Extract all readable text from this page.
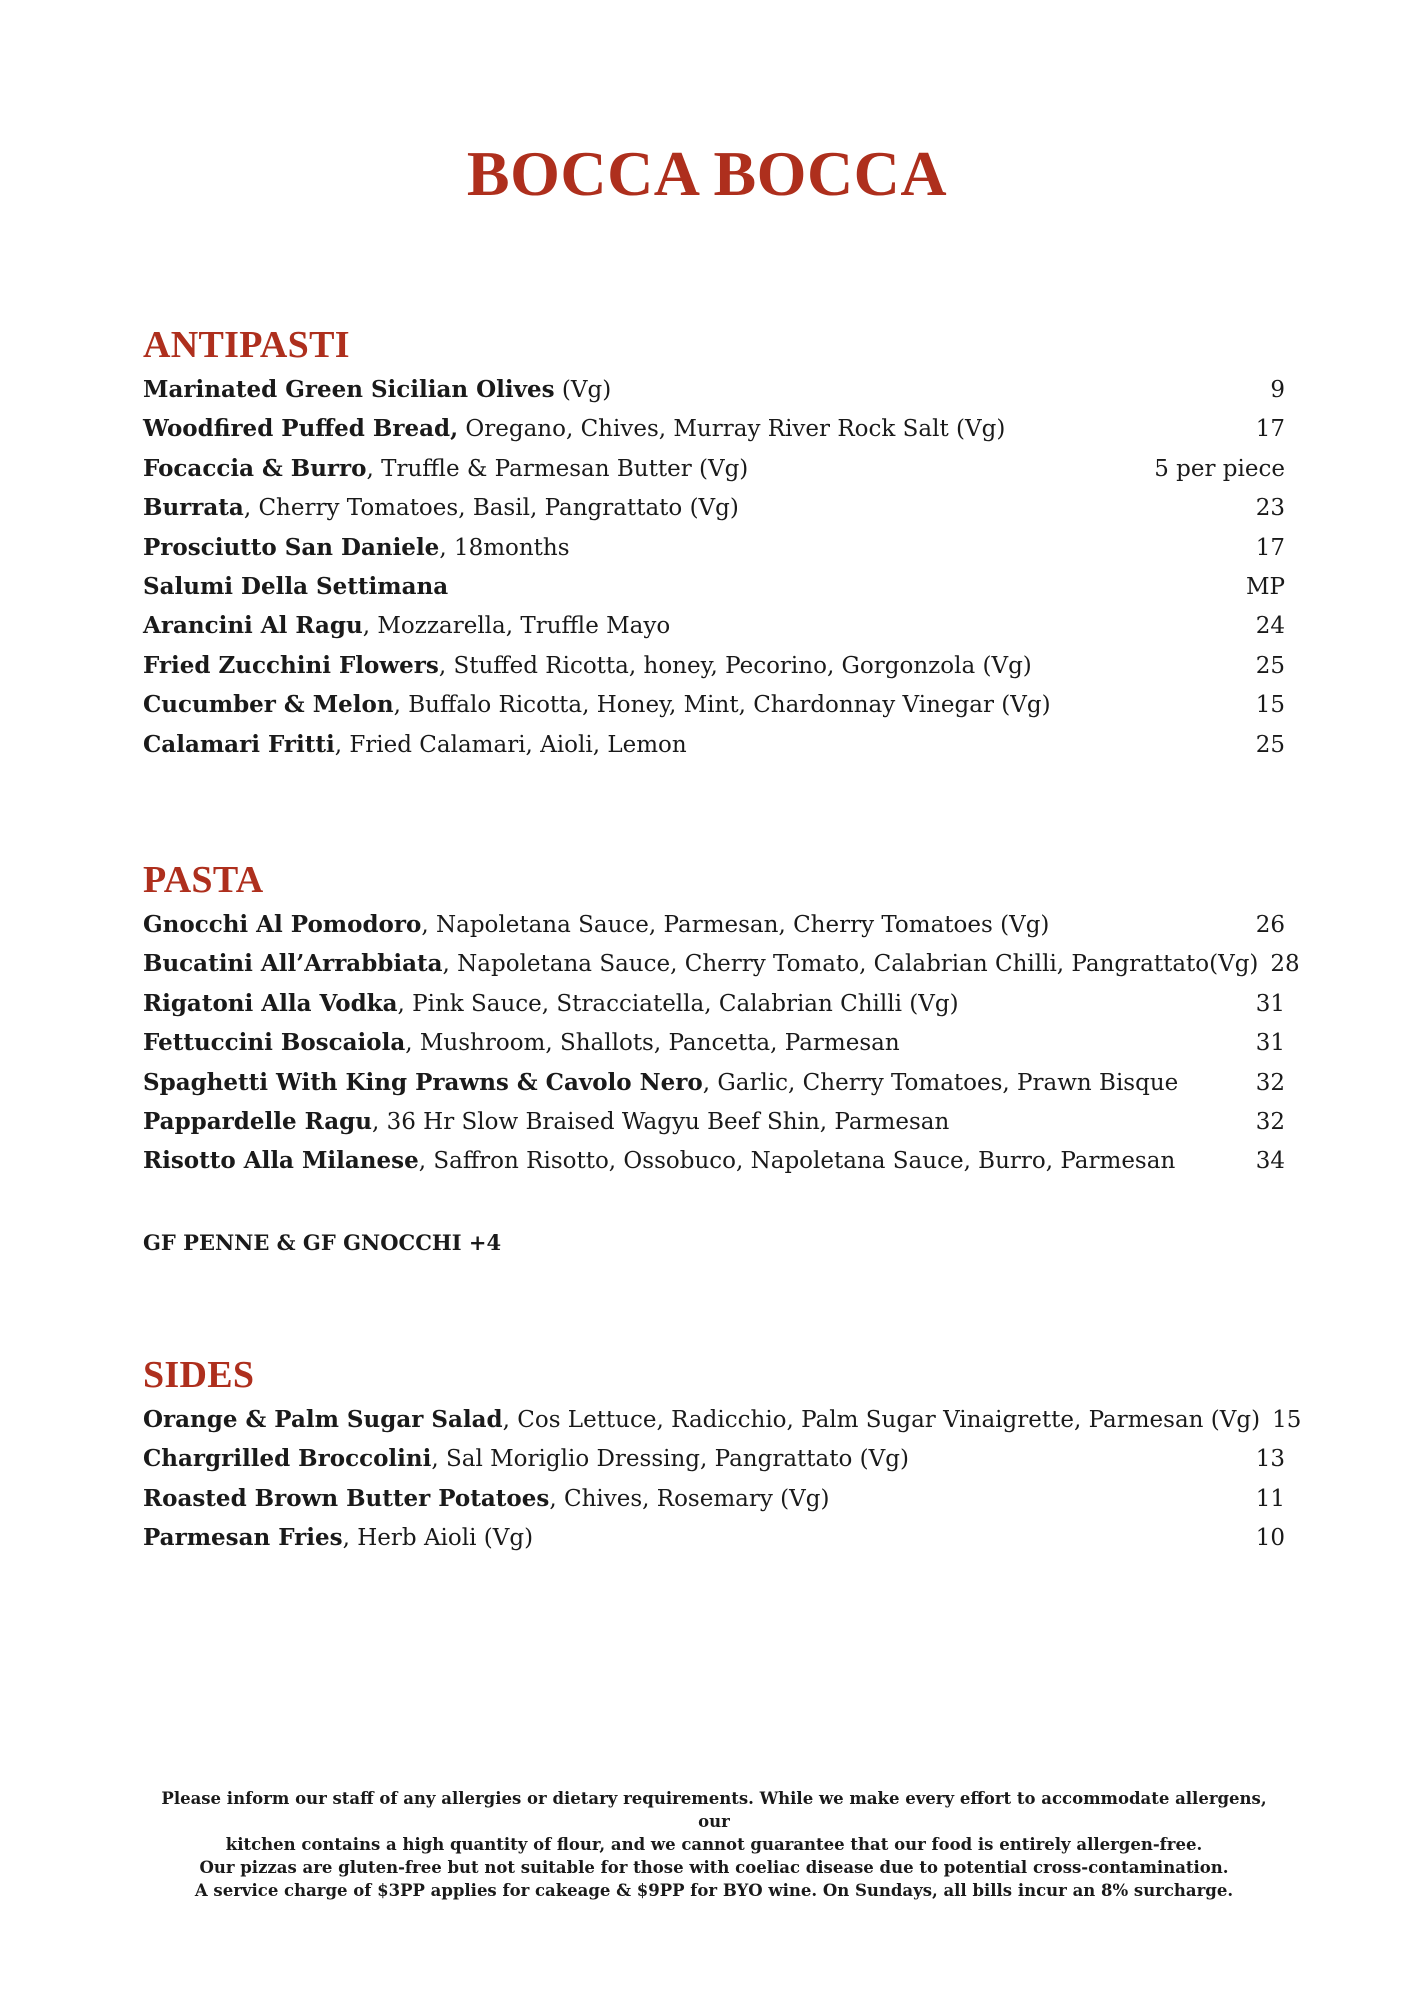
BOCCA BOCCA
ANTIPASTI
Marinated Green Sicilian Olives (Vg)	9
Woodfired Puffed Bread, Oregano, Chives, Murray River Rock Salt (Vg)	17
Focaccia & Burro, Truffle & Parmesan Butter (Vg)	5 per piece
Burrata, Cherry Tomatoes, Basil, Pangrattato (Vg)	23
Prosciutto San Daniele, 18months	17
Salumi Della Settimana	MP
Arancini Al Ragu, Mozzarella, Truffle Mayo	24
Fried Zucchini Flowers, Stuffed Ricotta, honey, Pecorino, Gorgonzola (Vg)	25
Cucumber & Melon, Buffalo Ricotta, Honey, Mint, Chardonnay Vinegar (Vg)	15
Calamari Fritti, Fried Calamari, Aioli, Lemon	25
PASTA
Gnocchi Al Pomodoro, Napoletana Sauce, Parmesan, Cherry Tomatoes (Vg)	26
Bucatini All’Arrabbiata, Napoletana Sauce, Cherry Tomato, Calabrian Chilli, Pangrattato(Vg) 28
Rigatoni Alla Vodka, Pink Sauce, Stracciatella, Calabrian Chilli (Vg)	31
Fettuccini Boscaiola, Mushroom, Shallots, Pancetta, Parmesan	31
Spaghetti With King Prawns & Cavolo Nero, Garlic, Cherry Tomatoes, Prawn Bisque	32
Pappardelle Ragu, 36 Hr Slow Braised Wagyu Beef Shin, Parmesan	32
Risotto Alla Milanese, Saffron Risotto, Ossobuco, Napoletana Sauce, Burro, Parmesan	34
GF PENNE & GF GNOCCHI +4
SIDES
Orange & Palm Sugar Salad, Cos Lettuce, Radicchio, Palm Sugar Vinaigrette, Parmesan (Vg) 15
Chargrilled Broccolini, Sal Moriglio Dressing, Pangrattato (Vg)	13
Roasted Brown Butter Potatoes, Chives, Rosemary (Vg)	11
Parmesan Fries, Herb Aioli (Vg)	10

Please inform our staff of any allergies or dietary requirements. While we make every effort to accommodate allergens, our

kitchen contains a high quantity of flour, and we cannot guarantee that our food is entirely allergen-free.

Our pizzas are gluten-free but not suitable for those with coeliac disease due to potential cross-contamination.

A service charge of $3PP applies for cakeage & $9PP for BYO wine. On Sundays, all bills incur an 8% surcharge.
